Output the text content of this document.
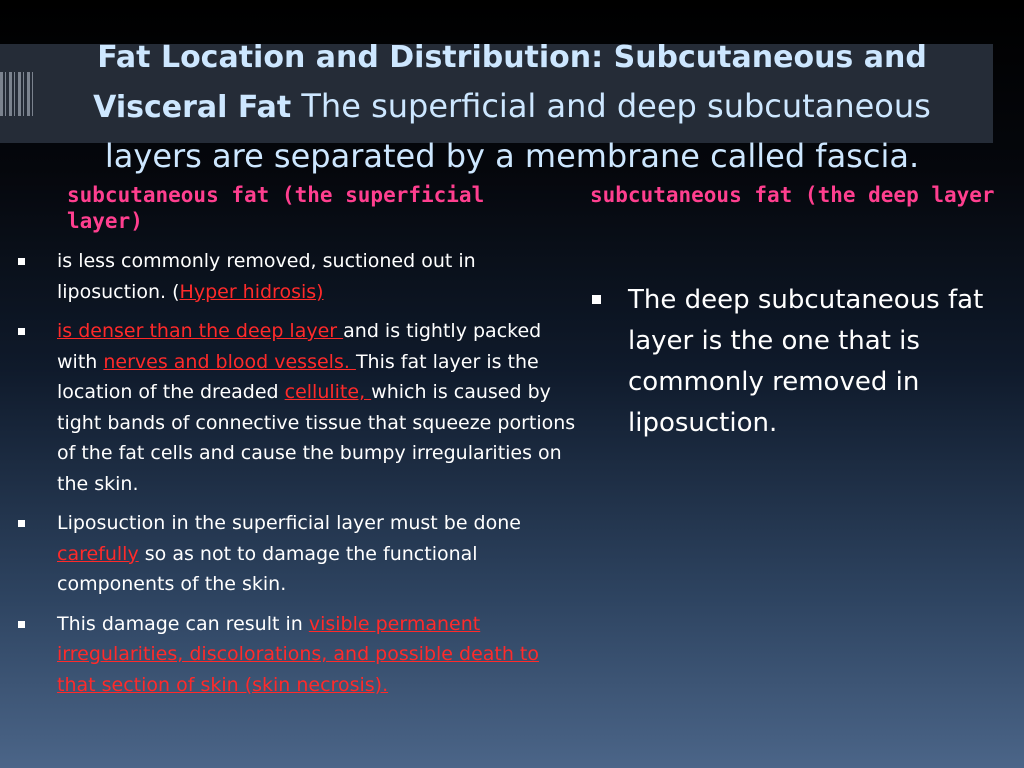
Fat Location and Distribution: Subcutaneous and Visceral Fat The superficial and deep subcutaneous layers are separated by a membrane called fascia.
subcutaneous fat (the superficial layer)
subcutaneous fat (the deep layer
is less commonly removed, suctioned out in liposuction. (Hyper hidrosis)
is denser than the deep layer and is tightly packed with nerves and blood vessels. This fat layer is the location of the dreaded cellulite, which is caused by tight bands of connective tissue that squeeze portions of the fat cells and cause the bumpy irregularities on the skin.
Liposuction in the superficial layer must be done carefully so as not to damage the functional components of the skin.
This damage can result in visible permanent irregularities, discolorations, and possible death to that section of skin (skin necrosis).
The deep subcutaneous fat layer is the one that is commonly removed in liposuction.
